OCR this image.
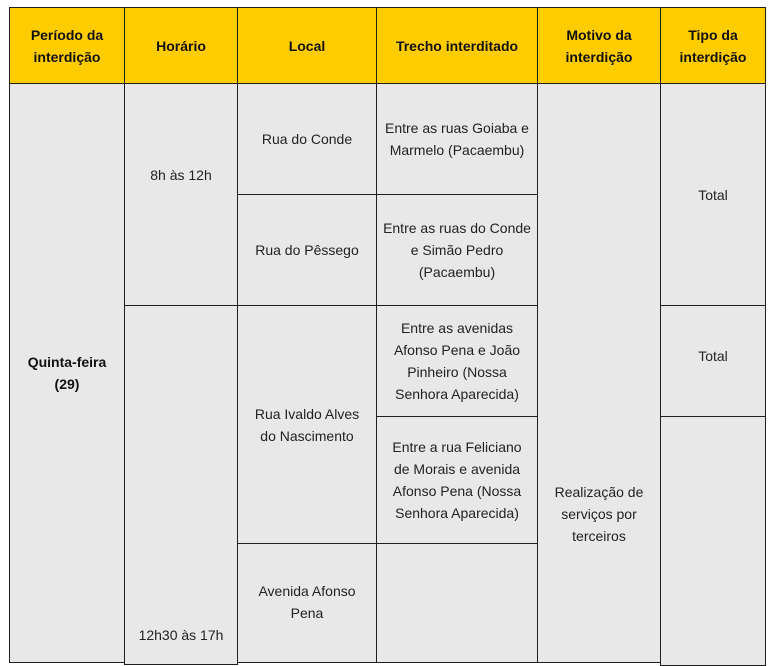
Período da interdição
Horário	Local	Trecho interditado
Motivo da interdição
Tipo da interdição
Quinta-feira (29)
8h às 12h
12h30 às 17h
Rua do Conde
Rua do Pêssego
Rua Ivaldo Alves do Nascimento
Avenida Afonso Pena
Entre as ruas Goiaba e Marmelo (Pacaembu)
Entre as ruas do Conde e Simão Pedro (Pacaembu)
Entre as avenidas Afonso Pena e João Pinheiro (Nossa Senhora Aparecida)
Entre a rua Feliciano de Morais e avenida Afonso Pena (Nossa Senhora Aparecida)
Realização de serviços por terceiros
Total
Total
